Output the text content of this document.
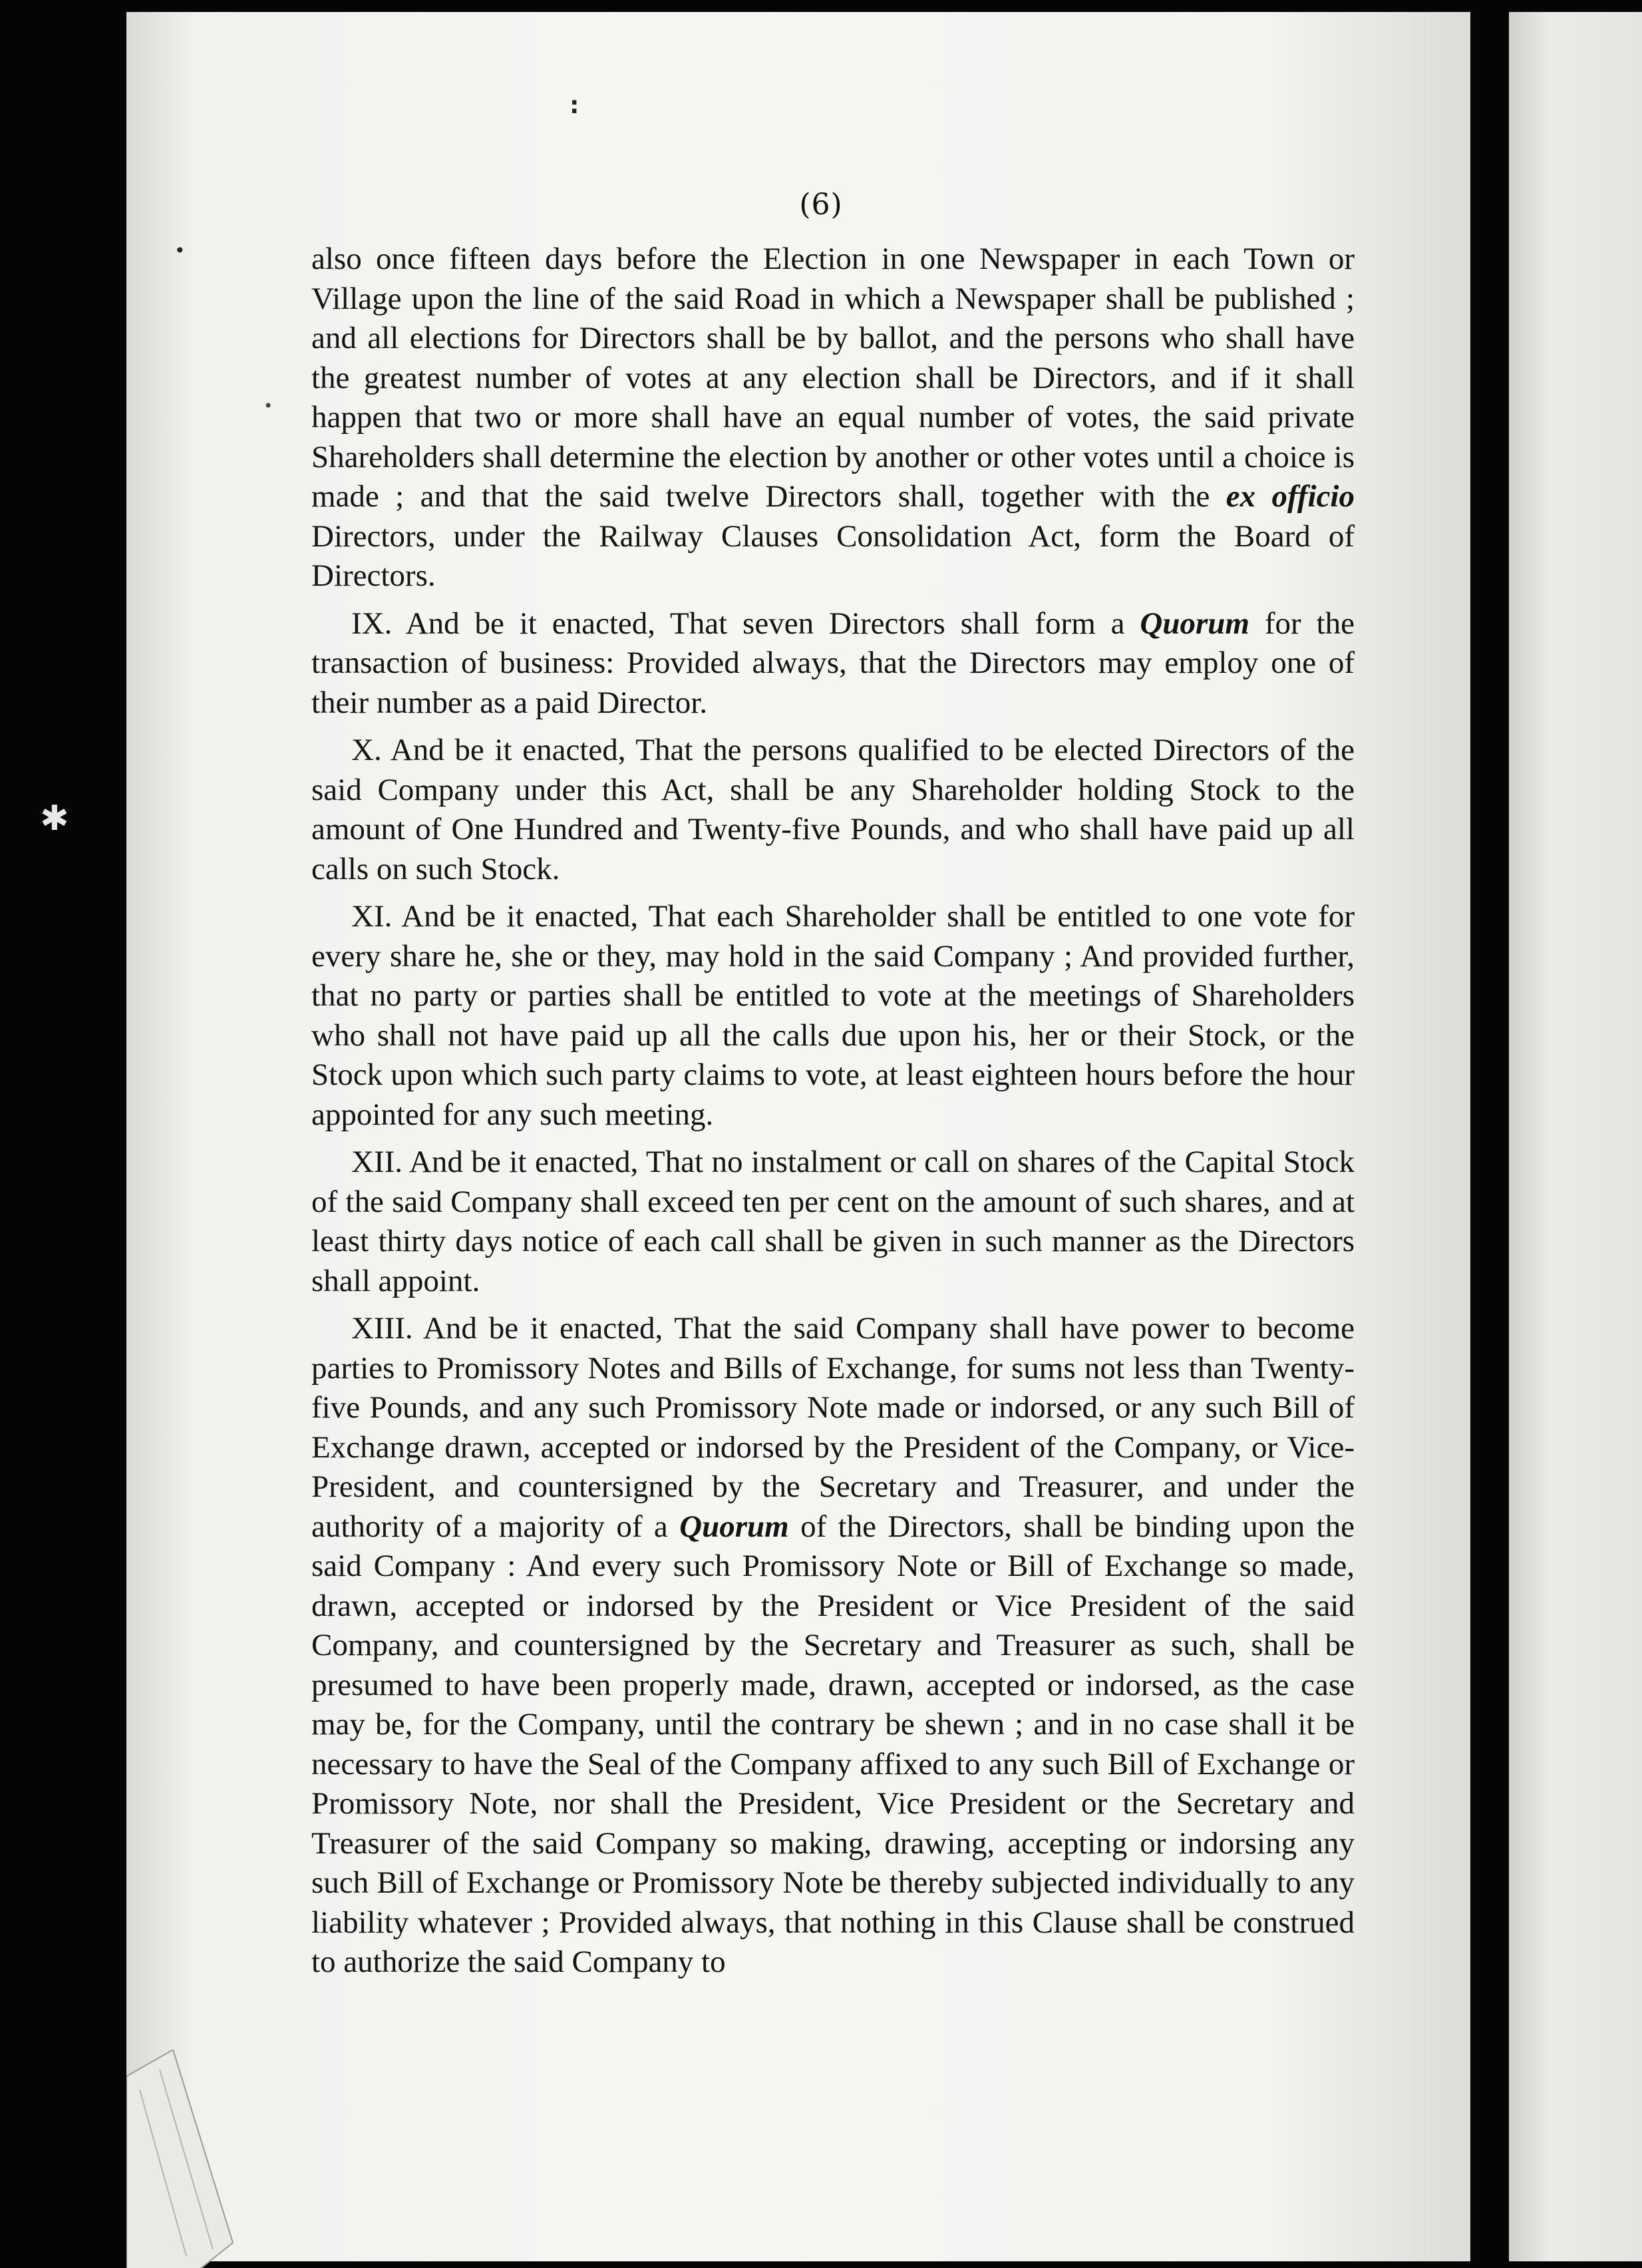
:
•
•
✱
(6)

also once fifteen days before the Election in one Newspaper in each Town or Village upon the line of the said Road in which a Newspaper shall be published ; and all elections for Directors shall be by ballot, and the persons who shall have the greatest number of votes at any election shall be Directors, and if it shall happen that two or more shall have an equal number of votes, the said private Shareholders shall determine the election by another or other votes until a choice is made ; and that the said twelve Directors shall, together with the ex officio Directors, under the Railway Clauses Consolidation Act, form the Board of Directors.

IX. And be it enacted, That seven Directors shall form a Quorum for the transaction of business: Provided always, that the Directors may employ one of their number as a paid Director.

X. And be it enacted, That the persons qualified to be elected Directors of the said Company under this Act, shall be any Shareholder holding Stock to the amount of One Hundred and Twenty-five Pounds, and who shall have paid up all calls on such Stock.

XI. And be it enacted, That each Shareholder shall be entitled to one vote for every share he, she or they, may hold in the said Company ; And provided further, that no party or parties shall be entitled to vote at the meetings of Shareholders who shall not have paid up all the calls due upon his, her or their Stock, or the Stock upon which such party claims to vote, at least eighteen hours before the hour appointed for any such meeting.

XII. And be it enacted, That no instalment or call on shares of the Capital Stock of the said Company shall exceed ten per cent on the amount of such shares, and at least thirty days notice of each call shall be given in such manner as the Directors shall appoint.

XIII. And be it enacted, That the said Company shall have power to become parties to Promissory Notes and Bills of Exchange, for sums not less than Twenty-five Pounds, and any such Promissory Note made or indorsed, or any such Bill of Exchange drawn, accepted or indorsed by the President of the Company, or Vice-President, and countersigned by the Secretary and Treasurer, and under the authority of a majority of a Quorum of the Directors, shall be binding upon the said Company : And every such Promissory Note or Bill of Exchange so made, drawn, accepted or indorsed by the President or Vice President of the said Company, and countersigned by the Secretary and Treasurer as such, shall be presumed to have been properly made, drawn, accepted or indorsed, as the case may be, for the Company, until the contrary be shewn ; and in no case shall it be necessary to have the Seal of the Company affixed to any such Bill of Exchange or Promissory Note, nor shall the President, Vice President or the Secretary and Treasurer of the said Company so making, drawing, accepting or indorsing any such Bill of Exchange or Promissory Note be thereby subjected individually to any liability whatever ; Provided always, that nothing in this Clause shall be construed to authorize the said Company to
